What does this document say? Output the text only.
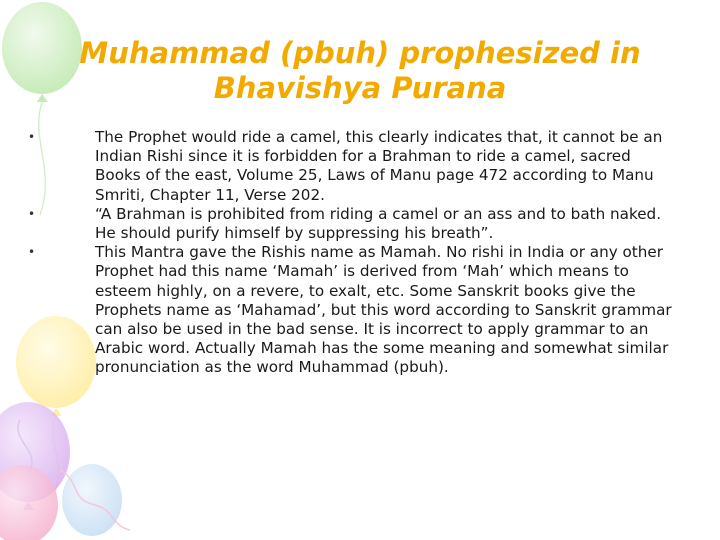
Muhammad (pbuh) prophesized in
Bhavishya Purana
•	The Prophet would ride a camel, this clearly indicates that, it cannot be an Indian Rishi since it is forbidden for a Brahman to ride a camel, sacred Books of the east, Volume 25, Laws of Manu page 472 according to Manu Smriti, Chapter 11, Verse 202.
•	“A Brahman is prohibited from riding a camel or an ass and to bath naked. He should purify himself by suppressing his breath”.
•	This Mantra gave the Rishis name as Mamah. No rishi in India or any other Prophet had this name ‘Mamah’ is derived from ‘Mah’ which means to esteem highly, on a revere, to exalt, etc. Some Sanskrit books give the Prophets name as ‘Mahamad’, but this word according to Sanskrit grammar can also be used in the bad sense. It is incorrect to apply grammar to an Arabic word. Actually Mamah has the some meaning and somewhat similar pronunciation as the word Muhammad (pbuh).
